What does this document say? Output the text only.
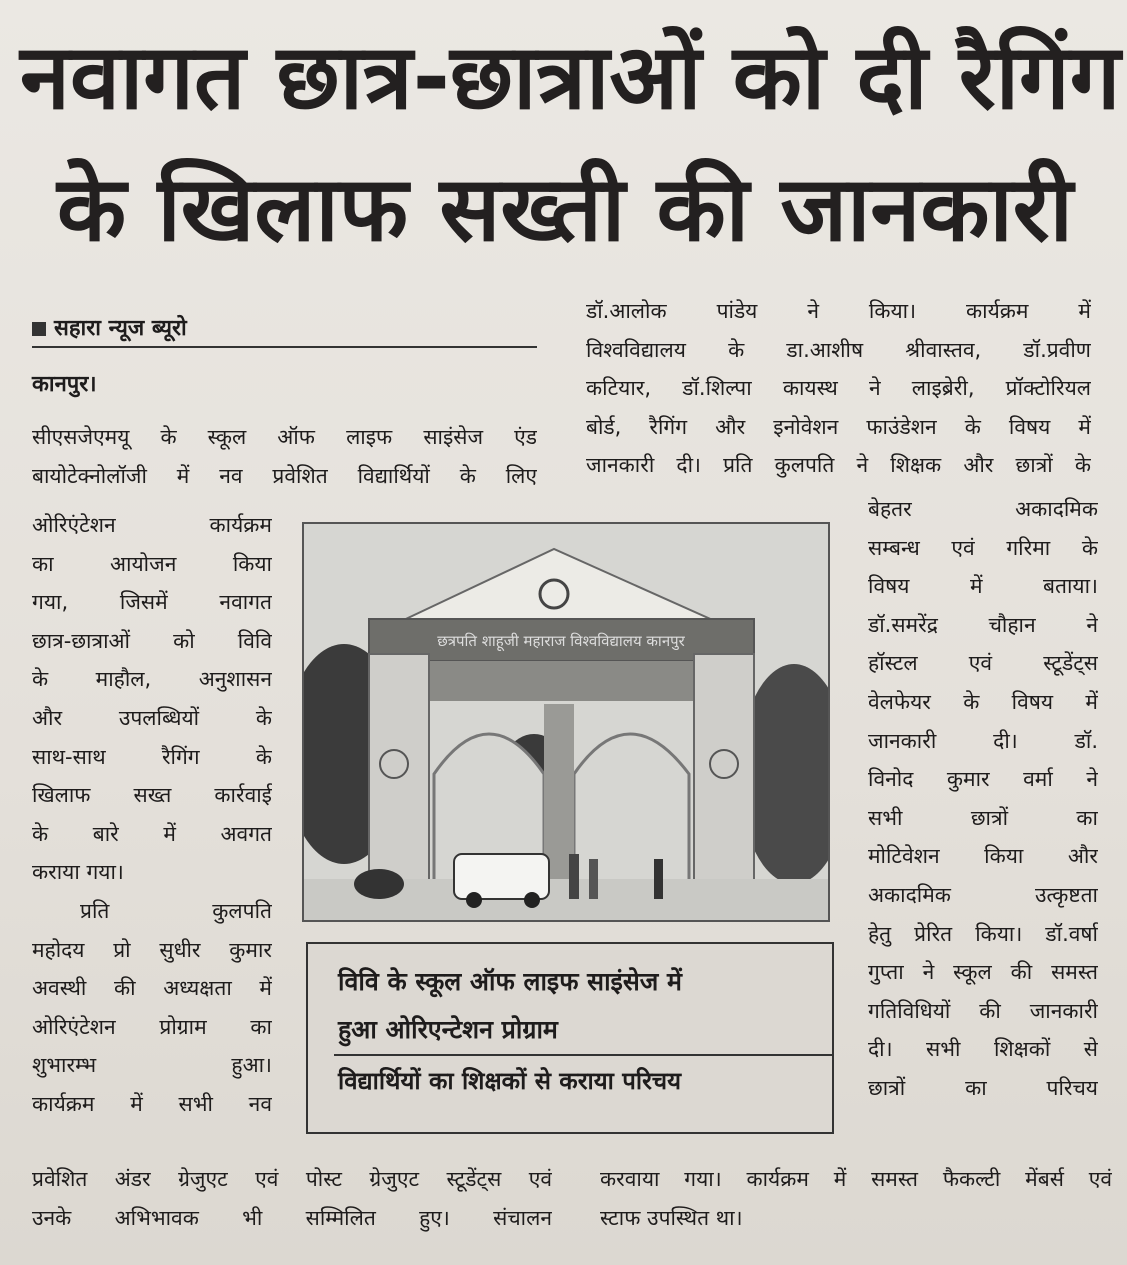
नवागत छात्र-छात्राओं को दी रैगिंग
के खिलाफ सख्ती की जानकारी
सहारा न्यूज ब्यूरो
कानपुर।
सीएसजेएमयू के स्कूल ऑफ लाइफ साइंसेज एंड
बायोटेक्नोलॉजी में नव प्रवेशित विद्यार्थियों के लिए
ओरिएंटेशन कार्यक्रम
का आयोजन किया
गया, जिसमें नवागत
छात्र-छात्राओं को विवि
के माहौल, अनुशासन
और उपलब्धियों के
साथ-साथ रैगिंग के
खिलाफ सख्त कार्रवाई
के बारे में अवगत
कराया गया।
प्रति कुलपति
महोदय प्रो सुधीर कुमार
अवस्थी की अध्यक्षता में
ओरिएंटेशन प्रोग्राम का
शुभारम्भ हुआ।
कार्यक्रम में सभी नव
प्रवेशित अंडर ग्रेजुएट एवं पोस्ट ग्रेजुएट स्टूडेंट्स एवं
उनके अभिभावक भी सम्मिलित हुए। संचालन
डॉ.आलोक पांडेय ने किया। कार्यक्रम में
विश्वविद्यालय के डा.आशीष श्रीवास्तव, डॉ.प्रवीण
कटियार, डॉ.शिल्पा कायस्थ ने लाइब्रेरी, प्रॉक्टोरियल
बोर्ड, रैगिंग और इनोवेशन फाउंडेशन के विषय में
जानकारी दी। प्रति कुलपति ने शिक्षक और छात्रों के
बेहतर अकादमिक
सम्बन्ध एवं गरिमा के
विषय में बताया।
डॉ.समरेंद्र चौहान ने
हॉस्टल एवं स्टूडेंट्स
वेलफेयर के विषय में
जानकारी दी। डॉ.
विनोद कुमार वर्मा ने
सभी छात्रों का
मोटिवेशन किया और
अकादमिक उत्कृष्टता
हेतु प्रेरित किया। डॉ.वर्षा
गुप्ता ने स्कूल की समस्त
गतिविधियों की जानकारी
दी। सभी शिक्षकों से
छात्रों का परिचय
करवाया गया। कार्यक्रम में समस्त फैकल्टी मेंबर्स एवं
स्टाफ उपस्थित था।
छत्रपति शाहूजी महाराज विश्वविद्यालय कानपुर
विवि के स्कूल ऑफ लाइफ साइंसेज में
हुआ ओरिएन्टेशन प्रोग्राम
विद्यार्थियों का शिक्षकों से कराया परिचय
